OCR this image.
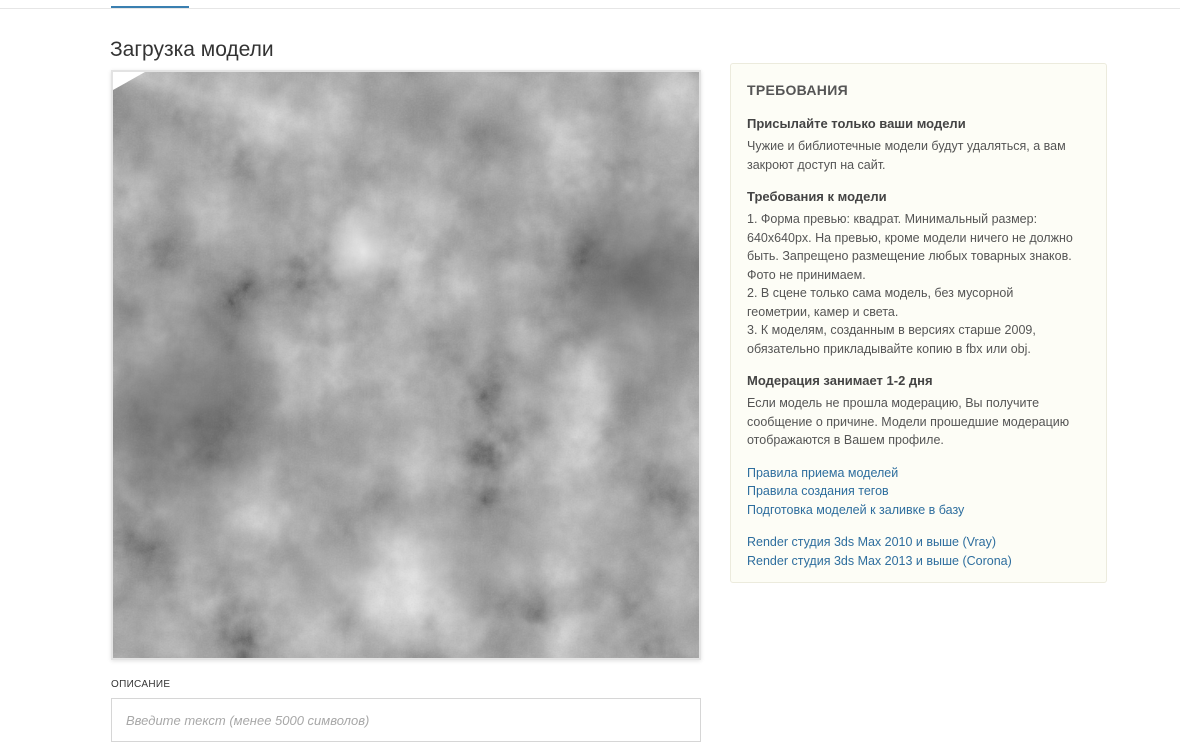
Загрузка модели
ОПИСАНИЕ
Введите текст (менее 5000 символов)
ТРЕБОВАНИЯ
Присылайте только ваши модели
Чужие и библиотечные модели будут удаляться, а вам
закроют доступ на сайт.
Требования к модели
1. Форма превью: квадрат. Минимальный размер:
640x640px. На превью, кроме модели ничего не должно
быть. Запрещено размещение любых товарных знаков.
Фото не принимаем.
2. В сцене только сама модель, без мусорной
геометрии, камер и света.
3. К моделям, созданным в версиях старше 2009,
обязательно прикладывайте копию в fbx или obj.
Модерация занимает 1-2 дня
Если модель не прошла модерацию, Вы получите
сообщение о причине. Модели прошедшие модерацию
отображаются в Вашем профиле.
Правила приема моделей
Правила создания тегов
Подготовка моделей к заливке в базу
Render студия 3ds Max 2010 и выше (Vray)
Render студия 3ds Max 2013 и выше (Corona)
